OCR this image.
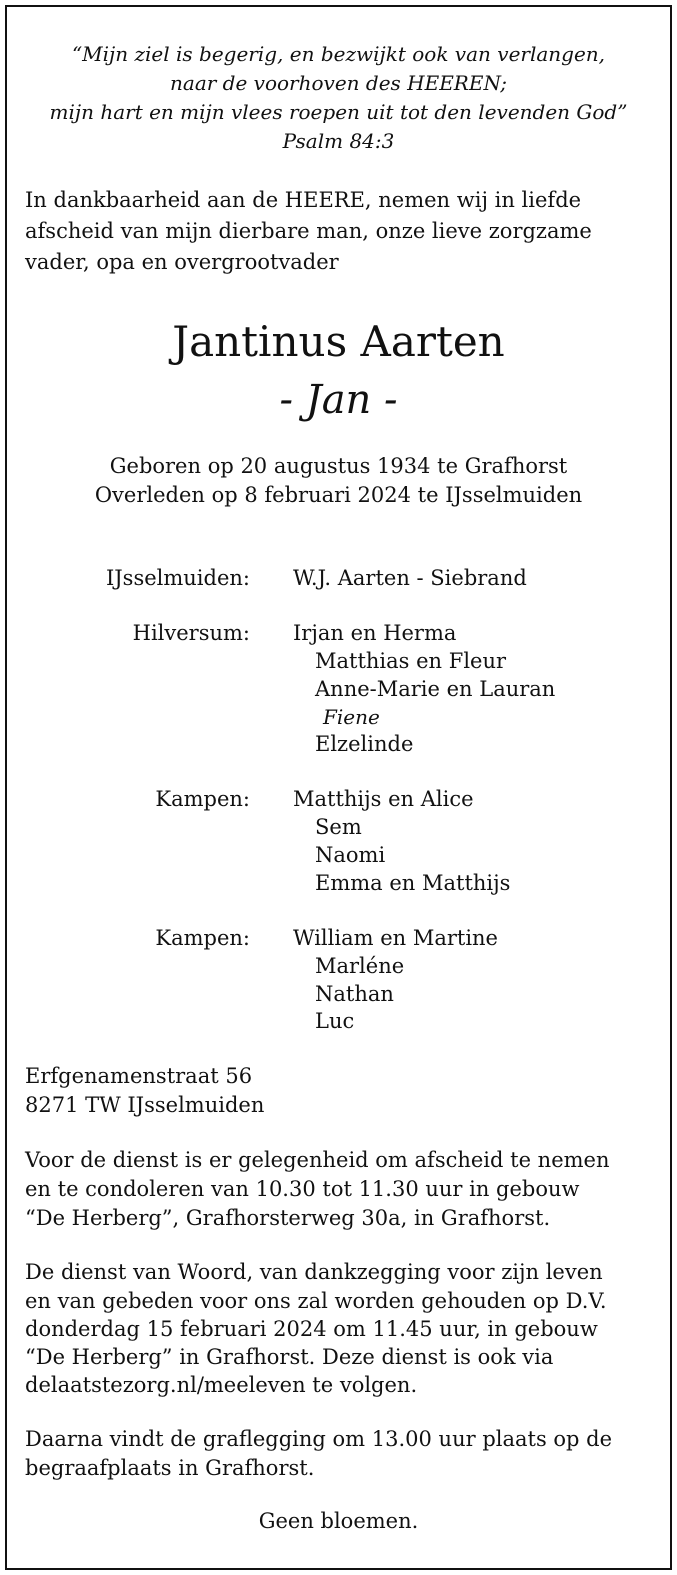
“Mijn ziel is begerig, en bezwijkt ook van verlangen,
naar de voorhoven des HEEREN;
mijn hart en mijn vlees roepen uit tot den levenden God”
Psalm 84:3
In dankbaarheid aan de HEERE, nemen wij in liefde
afscheid van mijn dierbare man, onze lieve zorgzame
vader, opa en overgrootvader
Jantinus Aarten
- Jan -
Geboren op 20 augustus 1934 te Grafhorst
Overleden op 8 februari 2024 te IJsselmuiden
IJsselmuiden: W.J. Aarten - Siebrand
Hilversum: Irjan en Herma
Matthias en Fleur
Anne-Marie en Lauran
Fiene
Elzelinde
Kampen: Matthijs en Alice
Sem
Naomi
Emma en Matthijs
Kampen: William en Martine
Marléne
Nathan
Luc
Erfgenamenstraat 56
8271 TW IJsselmuiden
Voor de dienst is er gelegenheid om afscheid te nemen
en te condoleren van 10.30 tot 11.30 uur in gebouw
“De Herberg”, Grafhorsterweg 30a, in Grafhorst.
De dienst van Woord, van dankzegging voor zijn leven
en van gebeden voor ons zal worden gehouden op D.V.
donderdag 15 februari 2024 om 11.45 uur, in gebouw
“De Herberg” in Grafhorst. Deze dienst is ook via
delaatstezorg.nl/meeleven te volgen.
Daarna vindt de graflegging om 13.00 uur plaats op de
begraafplaats in Grafhorst.
Geen bloemen.
